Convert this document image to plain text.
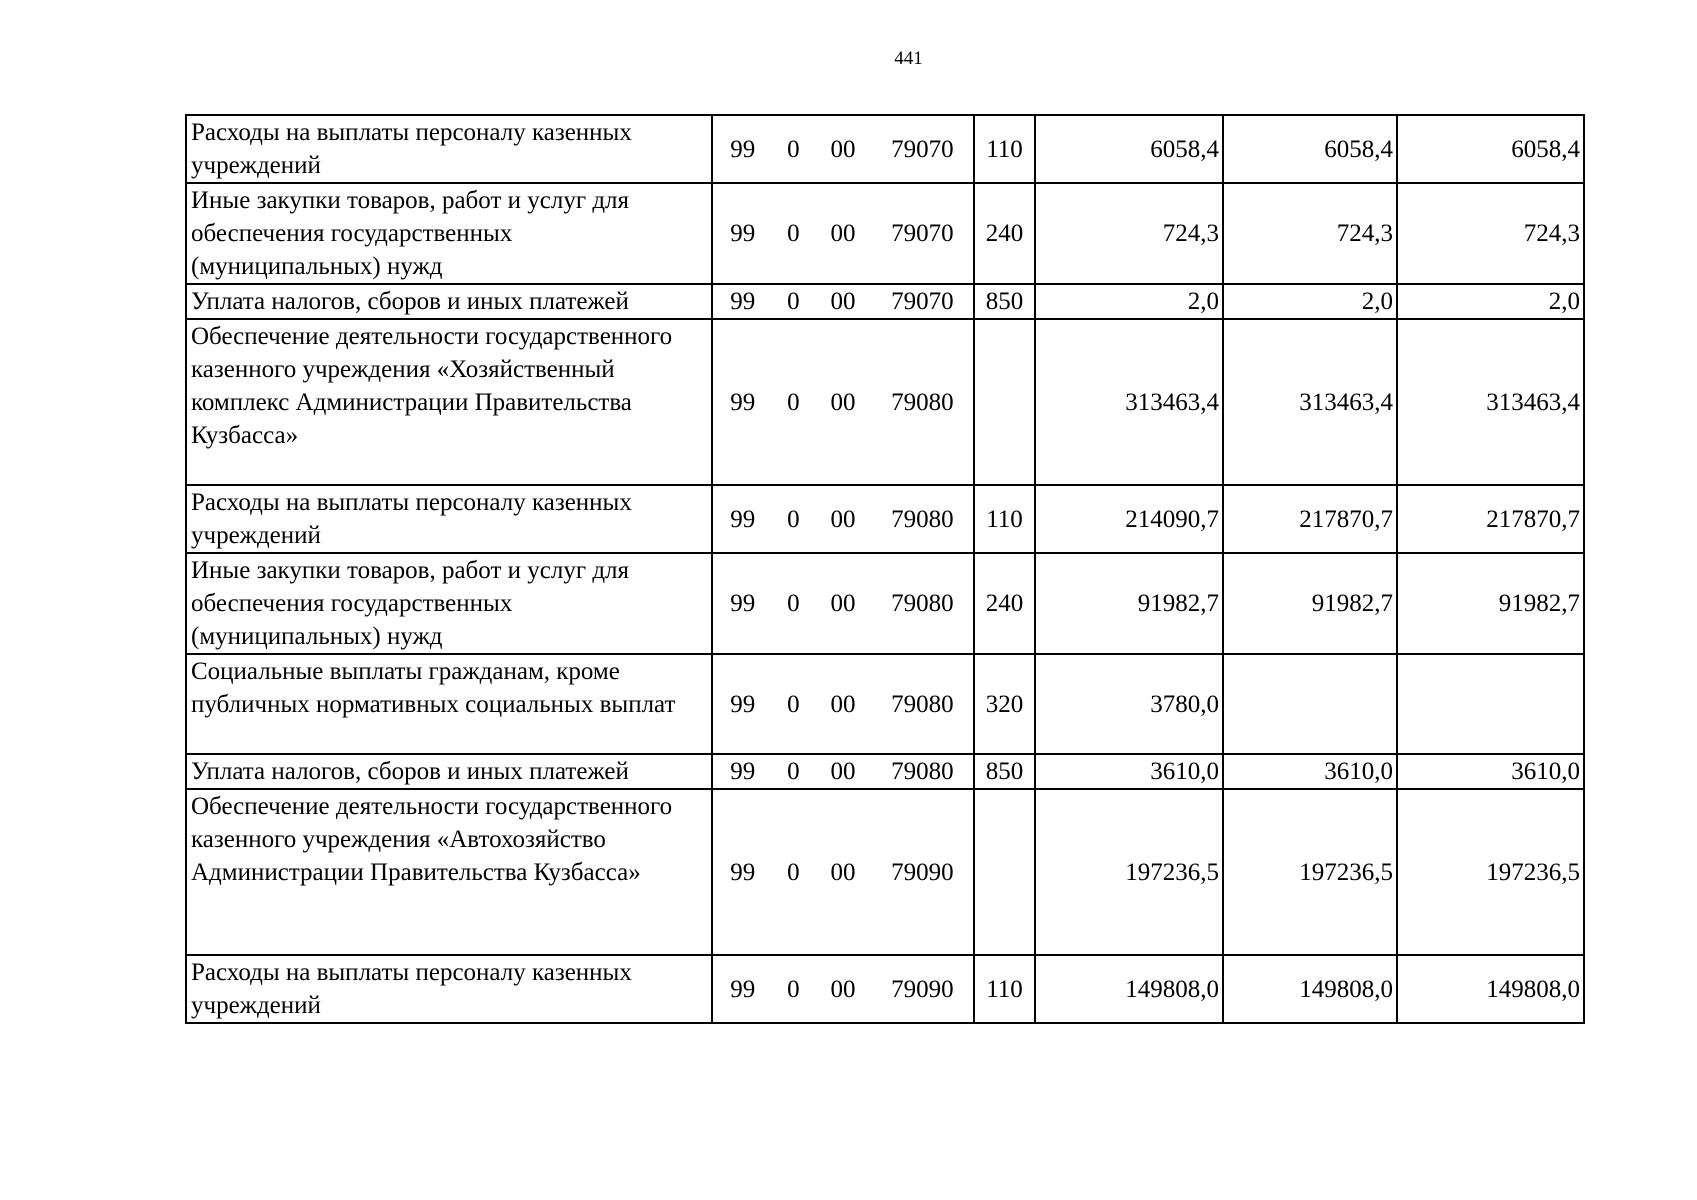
441
Расходы на выплаты персоналу казенных учреждений	99 0 00 79070	110	6058,4	6058,4	6058,4
Иные закупки товаров, работ и услуг для обеспечения государственных (муниципальных) нужд	99 0 00 79070	240	724,3	724,3	724,3
Уплата налогов, сборов и иных платежей	99 0 00 79070	850	2,0	2,0	2,0
Обеспечение деятельности государственного казенного учреждения «Хозяйственный комплекс Администрации Правительства Кузбасса»	99 0 00 79080		313463,4	313463,4	313463,4
Расходы на выплаты персоналу казенных учреждений	99 0 00 79080	110	214090,7	217870,7	217870,7
Иные закупки товаров, работ и услуг для обеспечения государственных (муниципальных) нужд	99 0 00 79080	240	91982,7	91982,7	91982,7
Социальные выплаты гражданам, кроме публичных нормативных социальных выплат	99 0 00 79080	320	3780,0		
Уплата налогов, сборов и иных платежей	99 0 00 79080	850	3610,0	3610,0	3610,0
Обеспечение деятельности государственного казенного учреждения «Автохозяйство Администрации Правительства Кузбасса»	99 0 00 79090		197236,5	197236,5	197236,5
Расходы на выплаты персоналу казенных учреждений	99 0 00 79090	110	149808,0	149808,0	149808,0
